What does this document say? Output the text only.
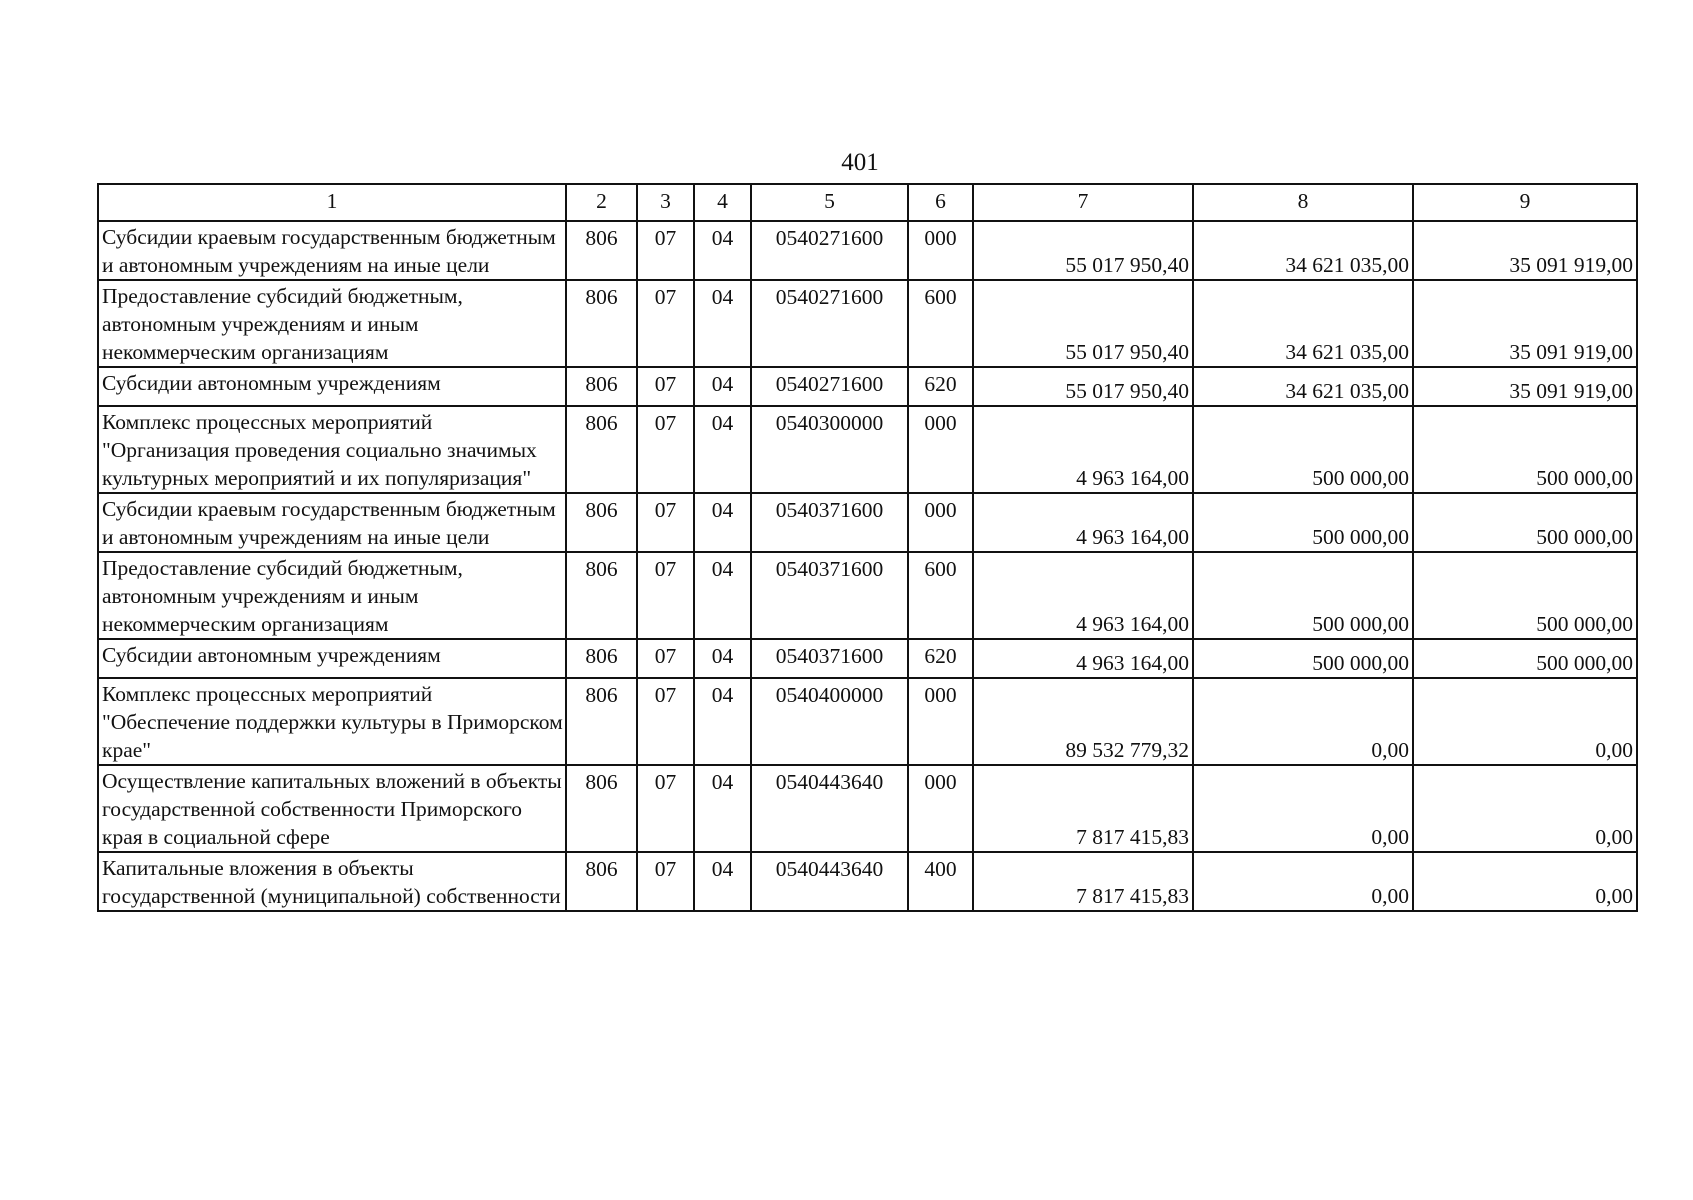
401
1	2	3	4	5	6	7	8	9
Субсидии краевым государственным бюджетным и автономным учреждениям на иные цели	806	07	04	0540271600	000	55 017 950,40	34 621 035,00	35 091 919,00
Предоставление субсидий бюджетным, автономным учреждениям и иным некоммерческим организациям	806	07	04	0540271600	600	55 017 950,40	34 621 035,00	35 091 919,00
Субсидии автономным учреждениям	806	07	04	0540271600	620	55 017 950,40	34 621 035,00	35 091 919,00
Комплекс процессных мероприятий "Организация проведения социально значимых культурных мероприятий и их популяризация"	806	07	04	0540300000	000	4 963 164,00	500 000,00	500 000,00
Субсидии краевым государственным бюджетным и автономным учреждениям на иные цели	806	07	04	0540371600	000	4 963 164,00	500 000,00	500 000,00
Предоставление субсидий бюджетным, автономным учреждениям и иным некоммерческим организациям	806	07	04	0540371600	600	4 963 164,00	500 000,00	500 000,00
Субсидии автономным учреждениям	806	07	04	0540371600	620	4 963 164,00	500 000,00	500 000,00
Комплекс процессных мероприятий "Обеспечение поддержки культуры в Приморском крае"	806	07	04	0540400000	000	89 532 779,32	0,00	0,00
Осуществление капитальных вложений в объекты государственной собственности Приморского края в социальной сфере	806	07	04	0540443640	000	7 817 415,83	0,00	0,00
Капитальные вложения в объекты государственной (муниципальной) собственности	806	07	04	0540443640	400	7 817 415,83	0,00	0,00
